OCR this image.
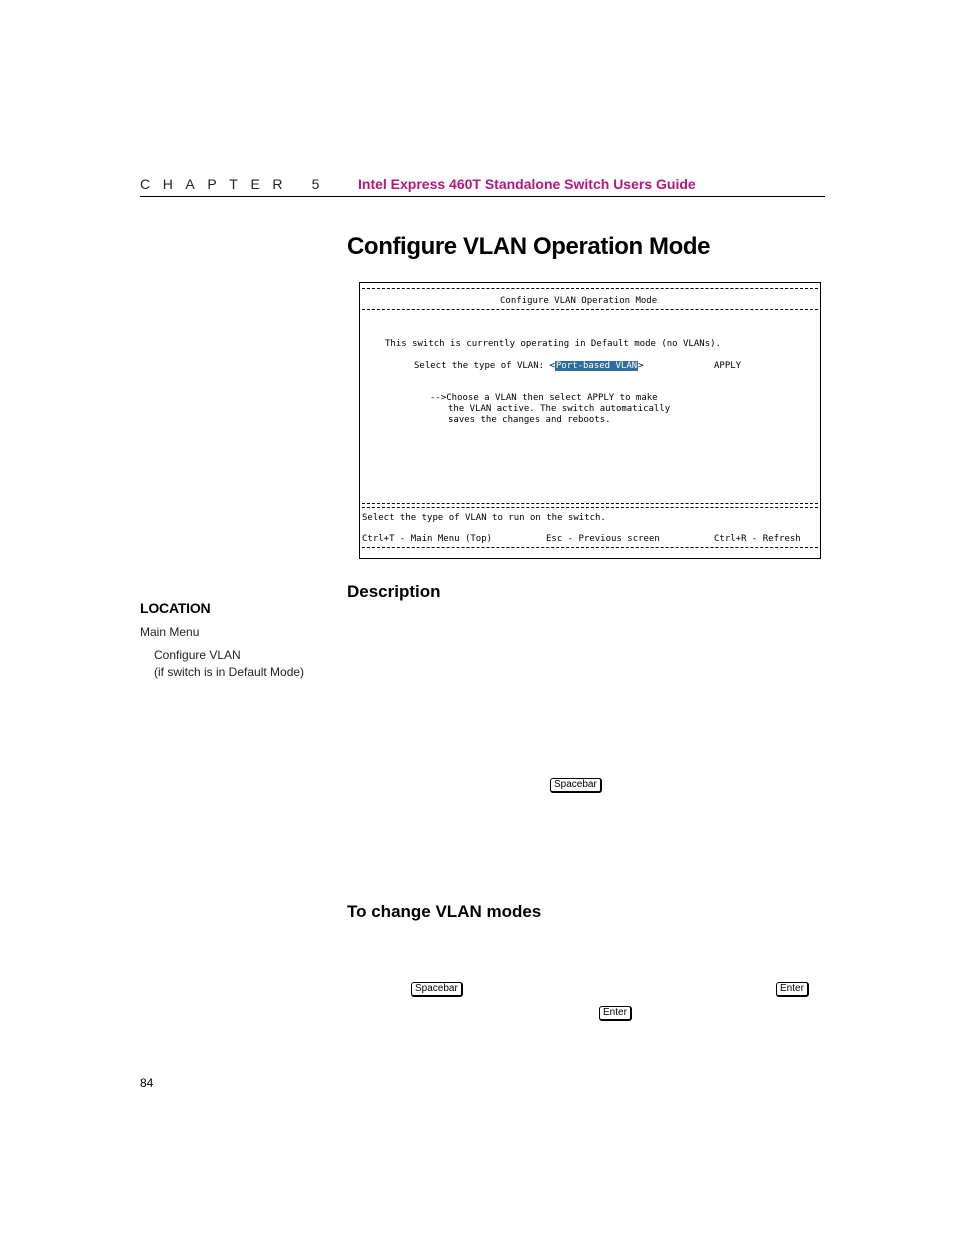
CHAPTER 5 Intel Express 460T Standalone Switch Users Guide
Configure VLAN Operation Mode
Configure VLAN Operation Mode
This switch is currently operating in Default mode (no VLANs).
Select the type of VLAN: <Port-based VLAN>	APPLY
-->Choose a VLAN then select APPLY to make
the VLAN active. The switch automatically
saves the changes and reboots.
Select the type of VLAN to run on the switch.
Ctrl+T - Main Menu (Top)	Esc - Previous screen	Ctrl+R - Refresh
Description
LOCATION
Main Menu
Configure VLAN
(if switch is in Default Mode)
Spacebar
To change VLAN modes
Spacebar	Enter
Enter
84
